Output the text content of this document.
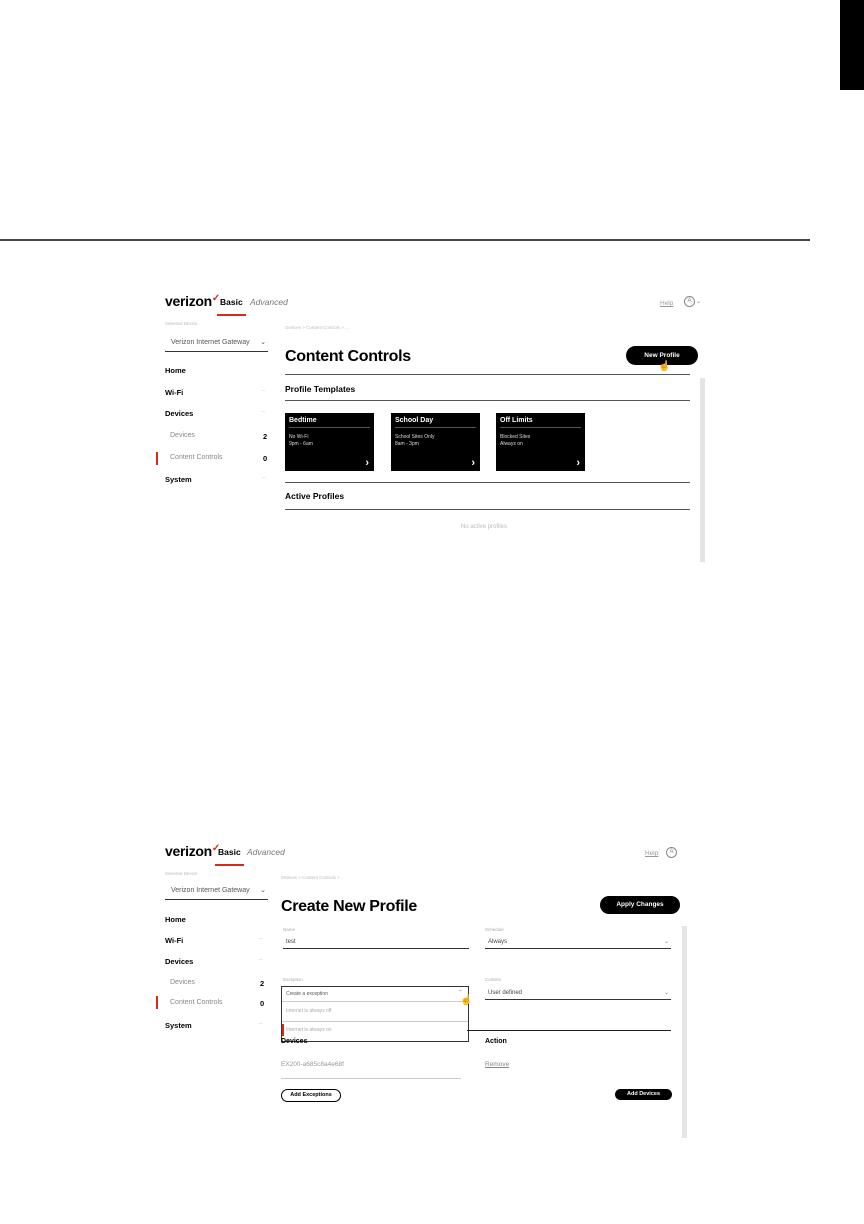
verizon✓ Basic Advanced	Help	A ⌄
Selected Device
Verizon Internet Gateway ⌄
Home
Wi-Fi	–
Devices	–
Devices	2
Content Controls	0
System	–
Devices > Content Controls > ...
Content Controls	New Profile
☝
Profile Templates
Bedtime
No Wi-Fi
9pm - 6am
›
School Day
School Sites Only
8am - 3pm
›
Off Limits
Blocked Sites
Always on
›
Active Profiles
No active profiles
verizon✓
Basic Advanced	Help	A
Selected Device
Verizon Internet Gateway ⌄
Home
Wi-Fi	–
Devices	–
Devices	2
Content Controls	0
System	–
Devices > Content Controls > ...
Create New Profile	Apply Changes
Name
test
Schedule
Always	⌄
Exception
Create a exception	⌃
Internet is always off
Internet is always on
☝
Content
User defined	⌄
Devices	Action
EX200-a685c8a4e68f	Remove
Add Exceptions	Add Devices
